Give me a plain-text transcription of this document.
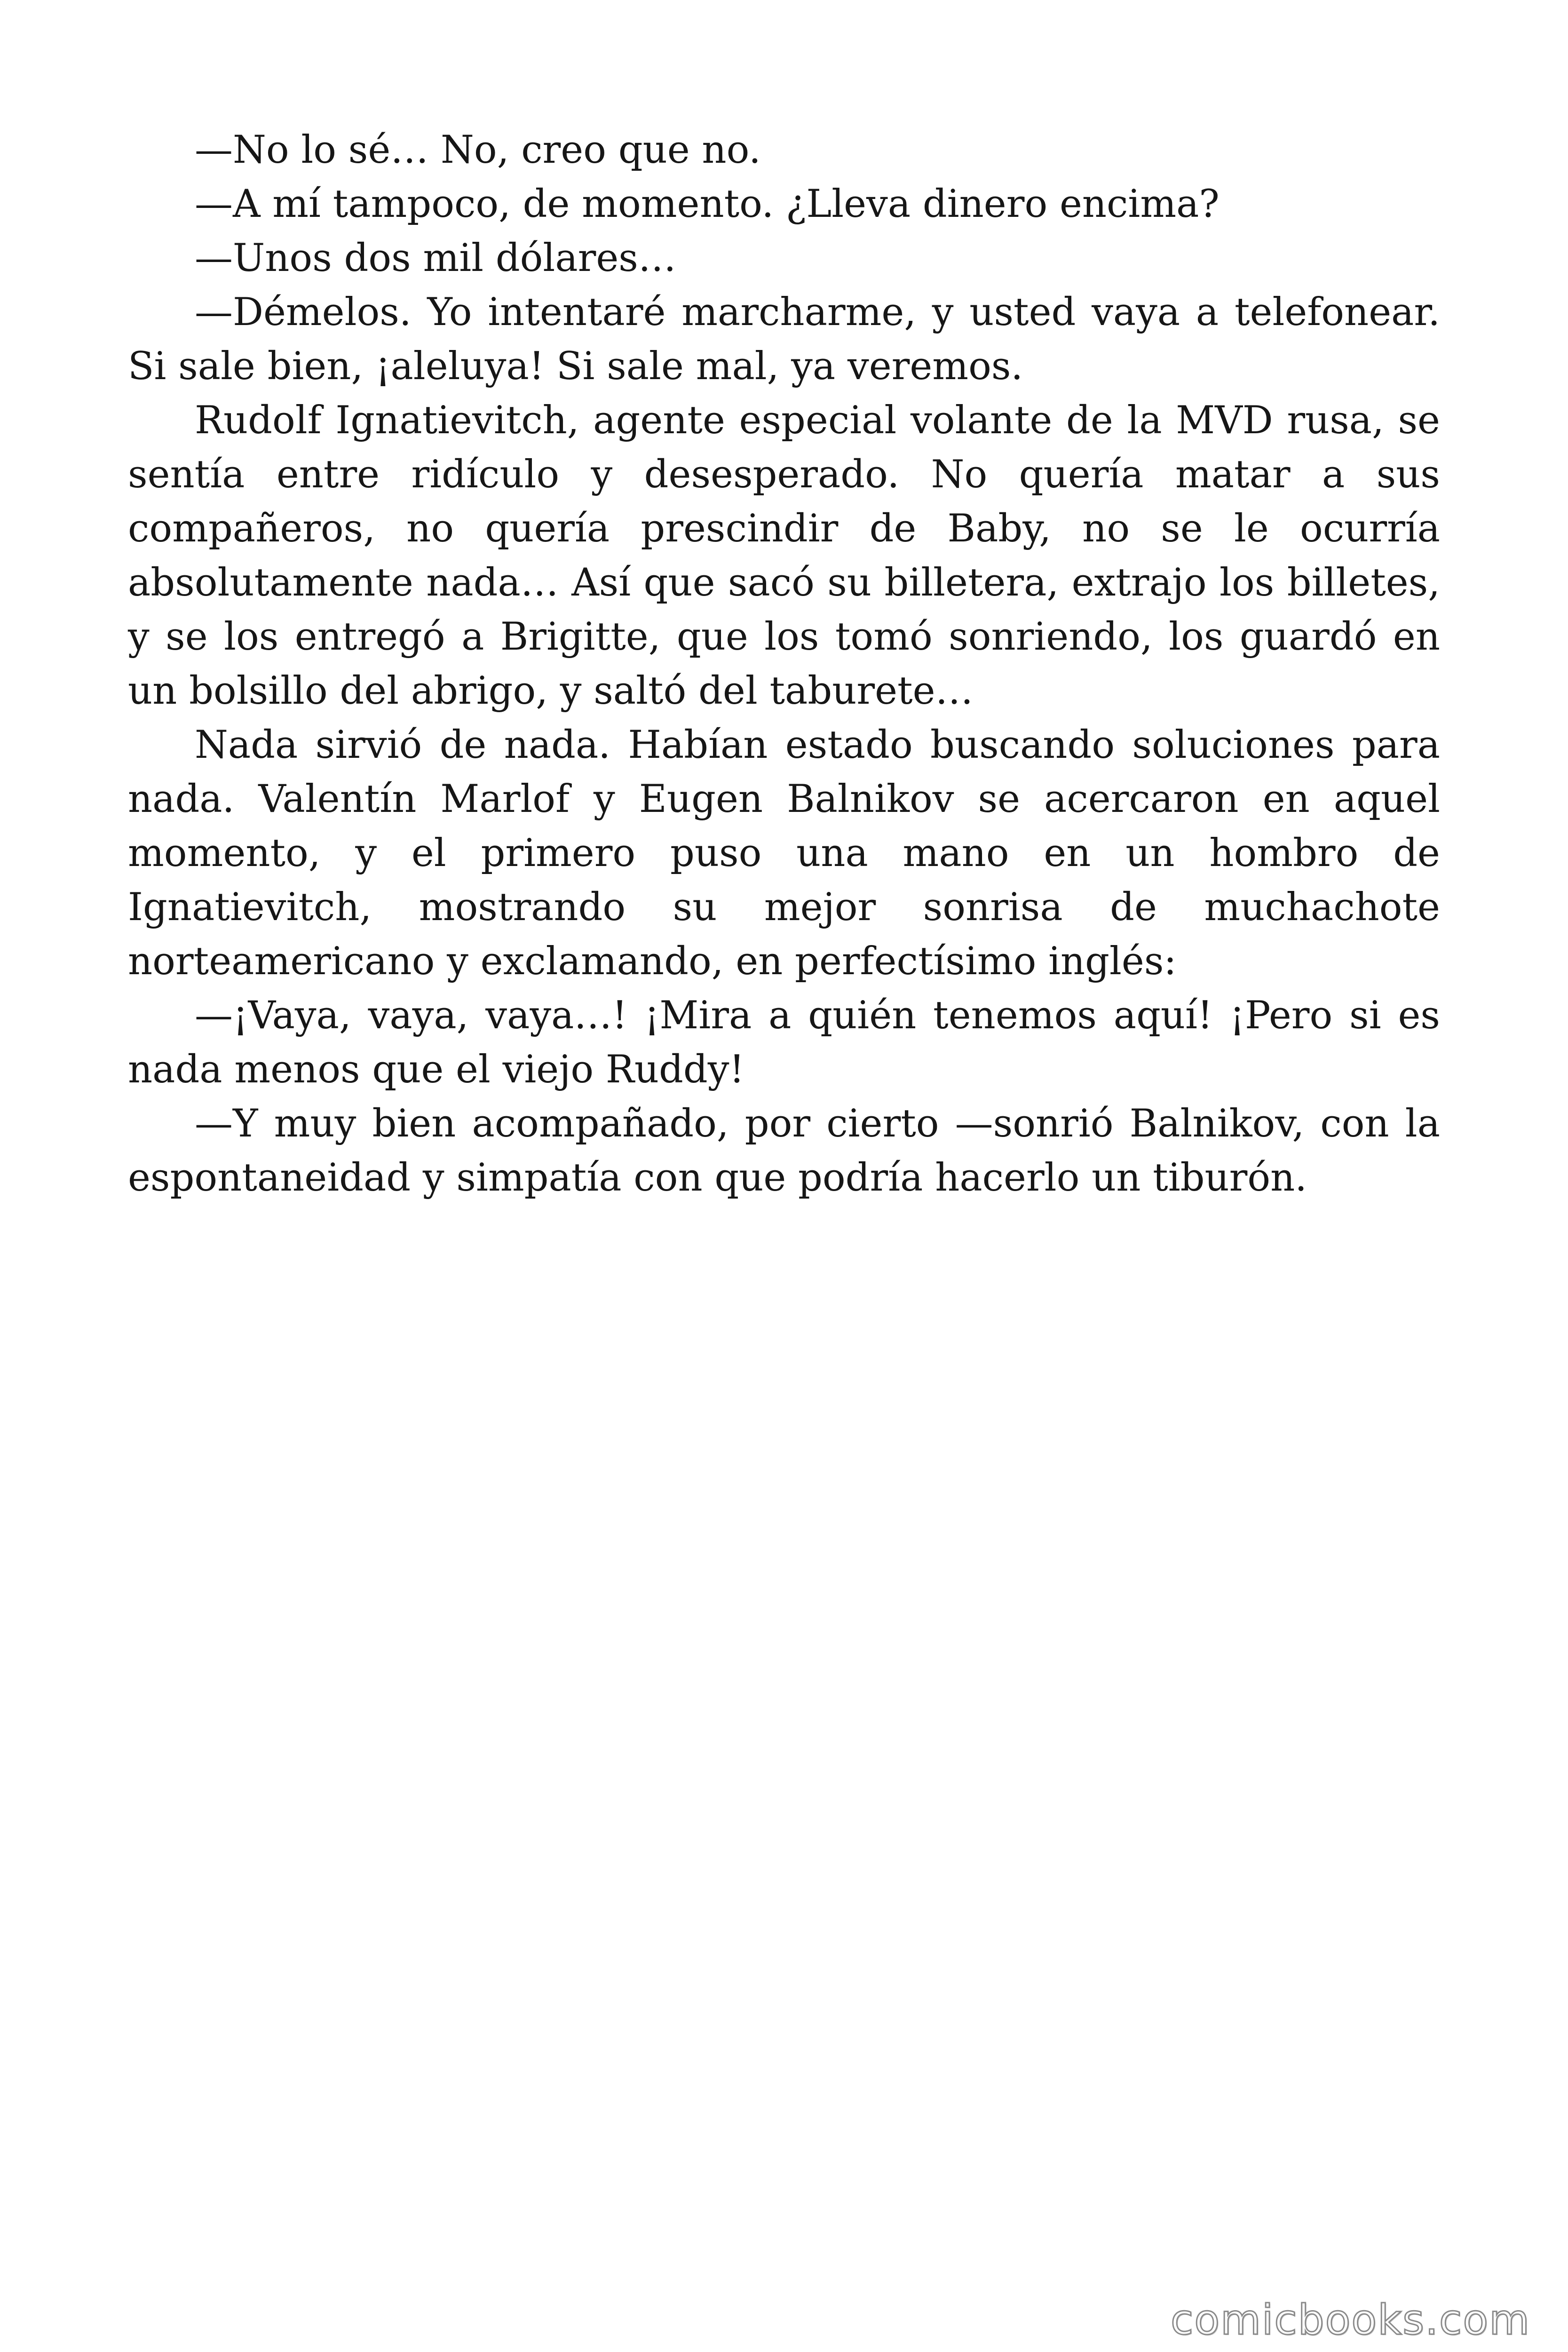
—No lo sé… No, creo que no.

—A mí tampoco, de momento. ¿Lleva dinero encima?

—Unos dos mil dólares…

—Démelos. Yo intentaré marcharme, y usted vaya a telefonear. Si sale bien, ¡aleluya! Si sale mal, ya veremos.

Rudolf Ignatievitch, agente especial volante de la MVD rusa, se sentía entre ridículo y desesperado. No quería matar a sus compañeros, no quería prescindir de Baby, no se le ocurría absolutamente nada… Así que sacó su billetera, extrajo los billetes, y se los entregó a Brigitte, que los tomó sonriendo, los guardó en un bolsillo del abrigo, y saltó del taburete…

Nada sirvió de nada. Habían estado buscando soluciones para nada. Valentín Marlof y Eugen Balnikov se acercaron en aquel momento, y el primero puso una mano en un hombro de Ignatievitch, mostrando su mejor sonrisa de muchachote norteamericano y exclamando, en perfectísimo inglés:

—¡Vaya, vaya, vaya…! ¡Mira a quién tenemos aquí! ¡Pero si es nada menos que el viejo Ruddy!

—Y muy bien acompañado, por cierto —sonrió Balnikov, con la espontaneidad y simpatía con que podría hacerlo un tiburón.

comicbooks.com
